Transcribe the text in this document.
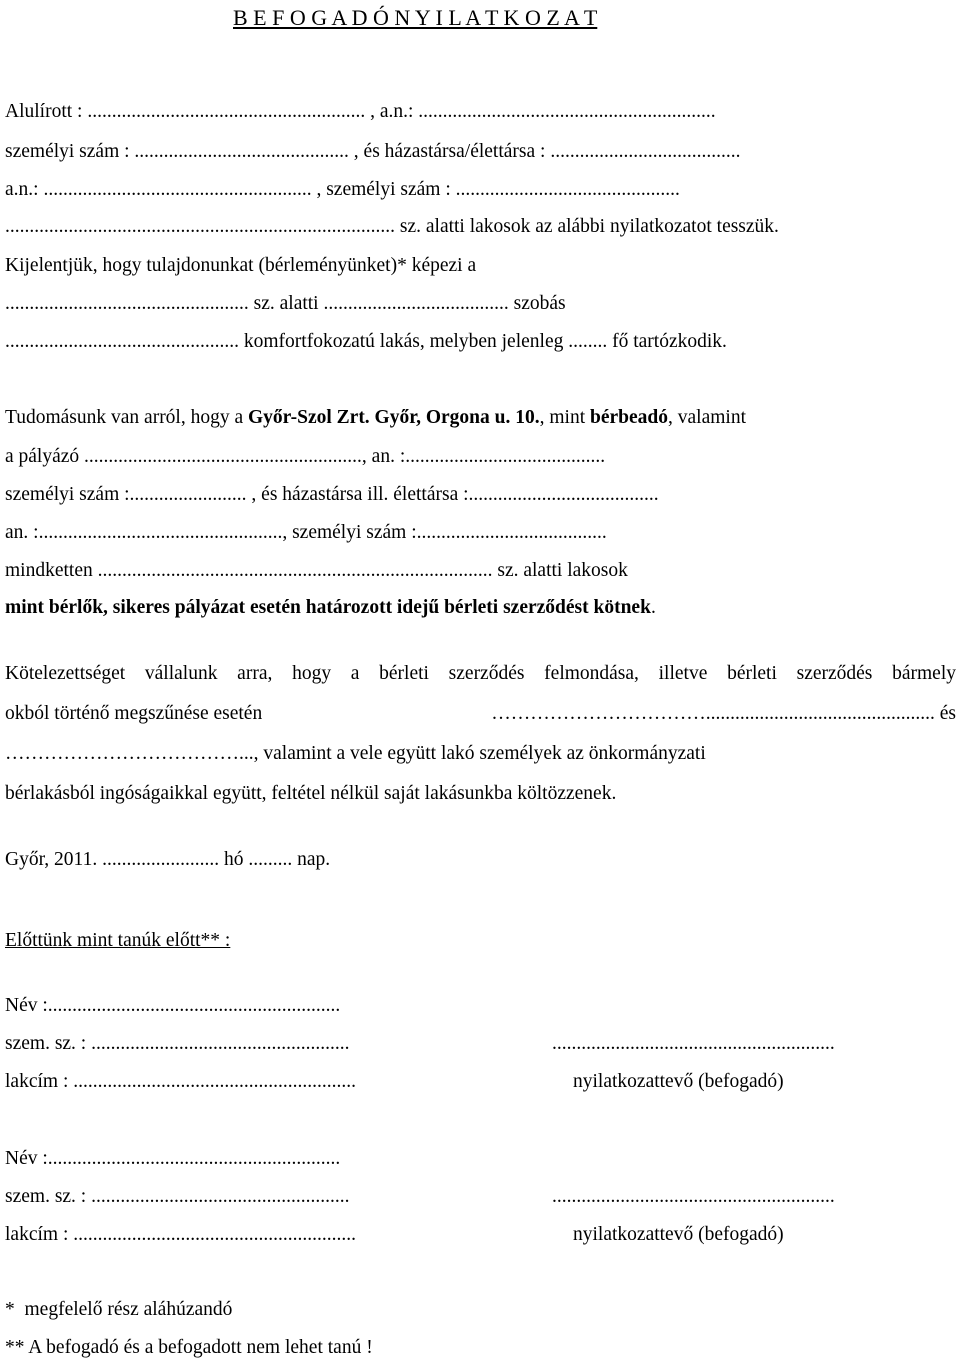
B E F O G A D Ó N Y I L A T K O Z A T
Alulírott : ......................................................... , a.n.: .............................................................
személyi szám : ............................................ , és házastársa/élettársa : .......................................
a.n.: ....................................................... , személyi szám : ..............................................
................................................................................ sz. alatti lakosok az alábbi nyilatkozatot tesszük.
Kijelentjük, hogy tulajdonunkat (bérleményünket)* képezi a
.................................................. sz. alatti ...................................... szobás
................................................ komfortfokozatú lakás, melyben jelenleg ........ fő tartózkodik.
Tudomásunk van arról, hogy a Győr-Szol Zrt. Győr, Orgona u. 10., mint bérbeadó, valamint
a pályázó ........................................................., an. :.........................................
személyi szám :........................ , és házastársa ill. élettársa :.......................................
an. :.................................................., személyi szám :.......................................
mindketten ................................................................................. sz. alatti lakosok
mint bérlők, sikeres pályázat esetén határozott idejű bérleti szerződést kötnek.
Kötelezettséget vállalunk arra, hogy a bérleti szerződés felmondása, illetve bérleti szerződés bármely
okból történő megszűnése esetén	……………………………............................................... és
………………………………..., valamint a vele együtt lakó személyek az önkormányzati
bérlakásból ingóságaikkal együtt, feltétel nélkül saját lakásunkba költözzenek.
Győr, 2011. ........................ hó ......... nap.
Előttünk mint tanúk előtt** :
Név :............................................................
szem. sz. : .....................................................	..........................................................
lakcím : ..........................................................	nyilatkozattevő (befogadó)
Név :............................................................
szem. sz. : .....................................................	..........................................................
lakcím : ..........................................................	nyilatkozattevő (befogadó)
*  megfelelő rész aláhúzandó
** A befogadó és a befogadott nem lehet tanú !
